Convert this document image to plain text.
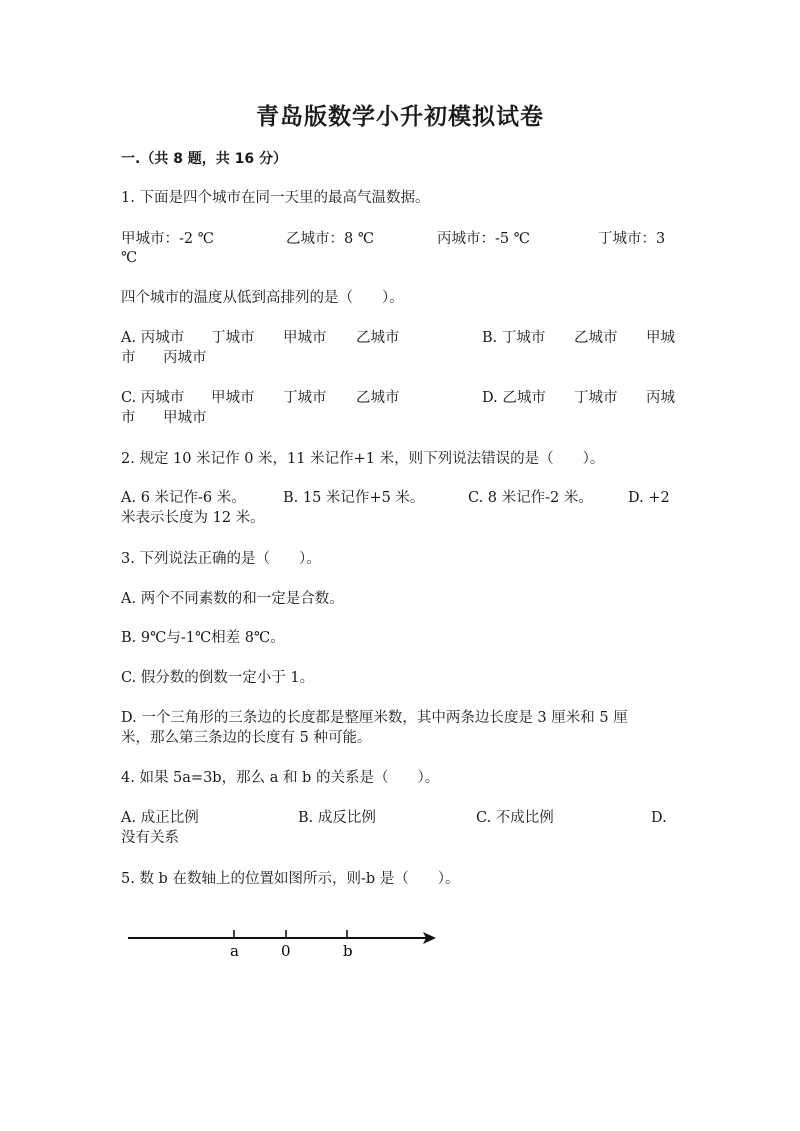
青岛版数学小升初模拟试卷
一.（共 8 题，共 16 分）
1. 下面是四个城市在同一天里的最高气温数据。
甲城市：-2 ℃	乙城市：8 ℃	丙城市：-5 ℃	丁城市：3
℃
四个城市的温度从低到高排列的是（　　）。
A. 丙城市 丁城市 甲城市 乙城市	B. 丁城市 乙城市 甲城
市 丙城市
C. 丙城市 甲城市 丁城市 乙城市	D. 乙城市 丁城市 丙城
市 甲城市
2. 规定 10 米记作 0 米，11 米记作+1 米，则下列说法错误的是（　　）。
A. 6 米记作-6 米。	B. 15 米记作+5 米。	C. 8 米记作-2 米。 D. +2
米表示长度为 12 米。
3. 下列说法正确的是（　　）。
A. 两个不同素数的和一定是合数。
B. 9℃与-1℃相差 8℃。
C. 假分数的倒数一定小于 1。
D. 一个三角形的三条边的长度都是整厘米数，其中两条边长度是 3 厘米和 5 厘
米，那么第三条边的长度有 5 种可能。
4. 如果 5a=3b，那么 a 和 b 的关系是（　　）。
A. 成正比例	B. 成反比例	C. 不成比例	D.
没有关系
5. 数 b 在数轴上的位置如图所示，则-b 是（　　）。
a	0	b
